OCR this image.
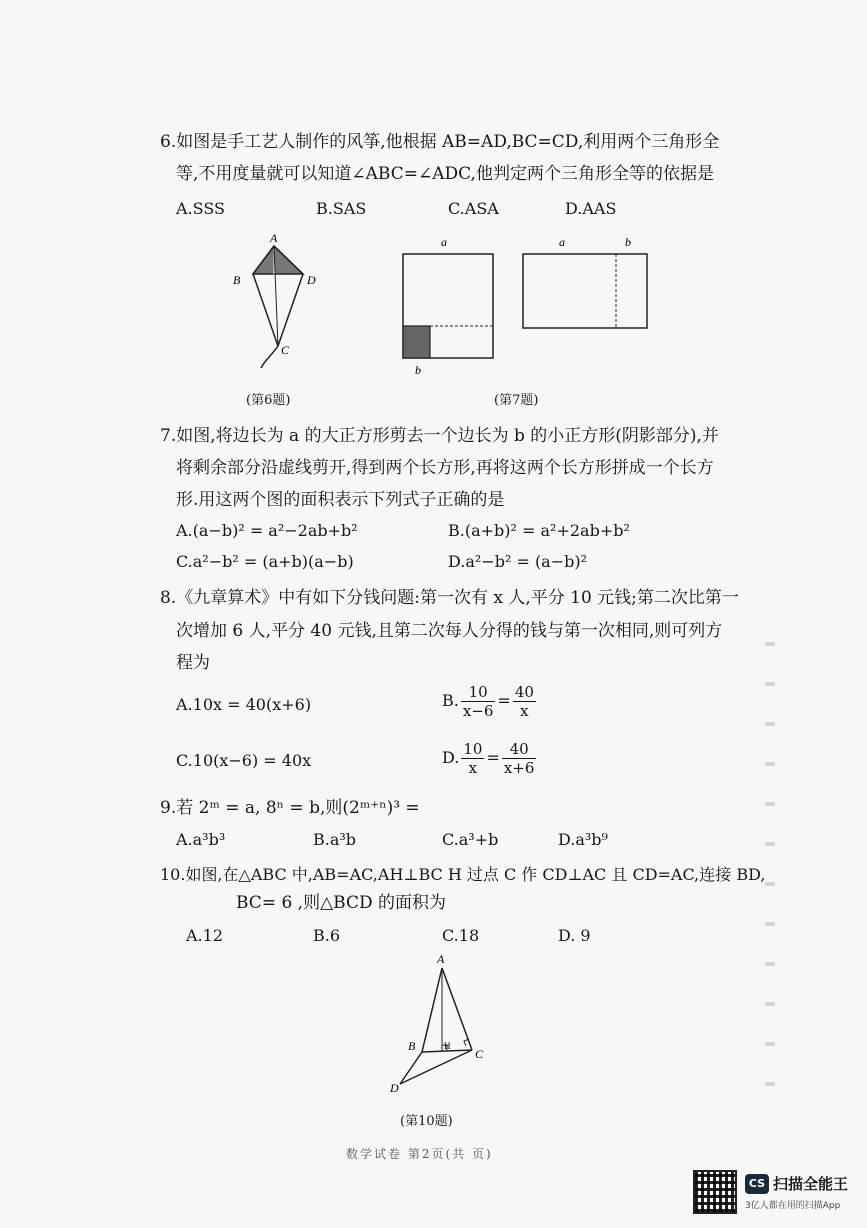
6.如图是手工艺人制作的风筝,他根据 AB=AD,BC=CD,利用两个三角形全
等,不用度量就可以知道∠ABC=∠ADC,他判定两个三角形全等的依据是
A.SSS	B.SAS	C.ASA	D.AAS
A
B	D
C
(第6题)
a
b
a	b
(第7题)
7.如图,将边长为 a 的大正方形剪去一个边长为 b 的小正方形(阴影部分),并
将剩余部分沿虚线剪开,得到两个长方形,再将这两个长方形拼成一个长方
形.用这两个图的面积表示下列式子正确的是
A.(a−b)² = a²−2ab+b²	B.(a+b)² = a²+2ab+b²
C.a²−b² = (a+b)(a−b)	D.a²−b² = (a−b)²
8.《九章算术》中有如下分钱问题:第一次有 x 人,平分 10 元钱;第二次比第一
次增加 6 人,平分 40 元钱,且第二次每人分得的钱与第一次相同,则可列方
程为
A.10x = 40(x+6)	B. $\frac{10}{x-6} = \frac{40}{x}$
C.10(x−6) = 40x	D. $\frac{10}{x} = \frac{40}{x+6}$
9.若 2ᵐ = a, 8ⁿ = b,则(2ᵐ⁺ⁿ)³ =
A.a³b³	B.a³b	C.a³+b	D.a³b⁹
10.如图,在△ABC 中,AB=AC,AH⊥BC H 过点 C 作 CD⊥AC 且 CD=AC,连接 BD,
BC= 6 ,则△BCD 的面积为
A.12	B.6	C.18	D. 9
A
B
C
D
H
(第10题)
数学试卷 第2页(共 页)
CS 扫描全能王
3亿人都在用的扫描App
